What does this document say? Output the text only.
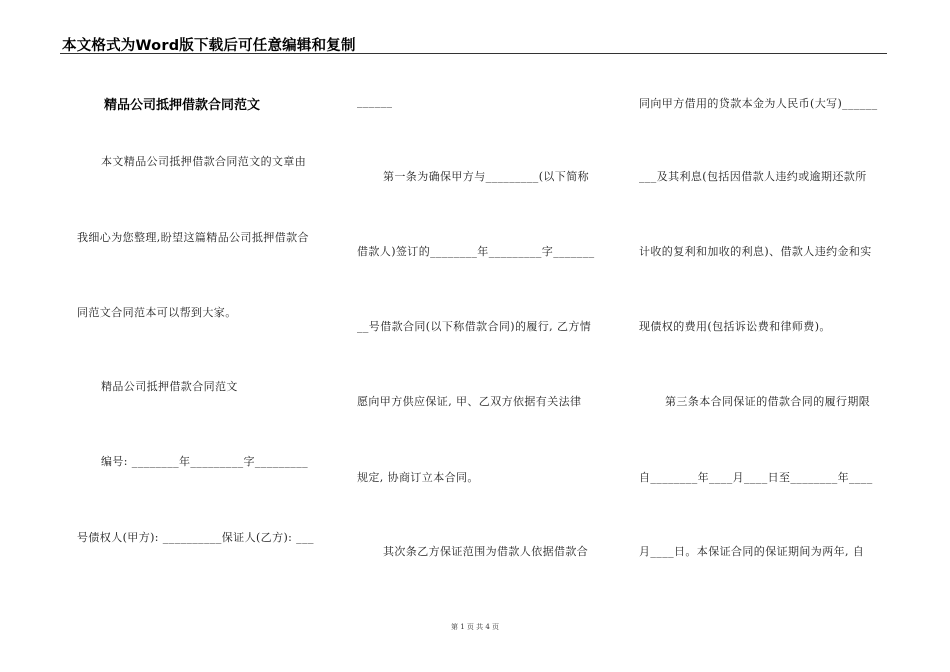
本文格式为Word版下载后可任意编辑和复制
精品公司抵押借款合同范文
本文精品公司抵押借款合同范文的文章由
我细心为您整理,盼望这篇精品公司抵押借款合
同范文合同范本可以帮到大家。
精品公司抵押借款合同范文
编号: ________年_________字_________
号债权人(甲方): __________保证人(乙方): ___
______
第一条为确保甲方与_________(以下简称
借款人)签订的________年_________字_______
__号借款合同(以下称借款合同)的履行, 乙方情
愿向甲方供应保证, 甲、乙双方依据有关法律
规定, 协商订立本合同。
其次条乙方保证范围为借款人依据借款合
同向甲方借用的贷款本金为人民币(大写)______
___及其利息(包括因借款人违约或逾期还款所
计收的复利和加收的利息)、借款人违约金和实
现债权的费用(包括诉讼费和律师费)。
第三条本合同保证的借款合同的履行期限
自________年____月____日至________年____
月____日。本保证合同的保证期间为两年, 自
第 1 页 共 4 页
